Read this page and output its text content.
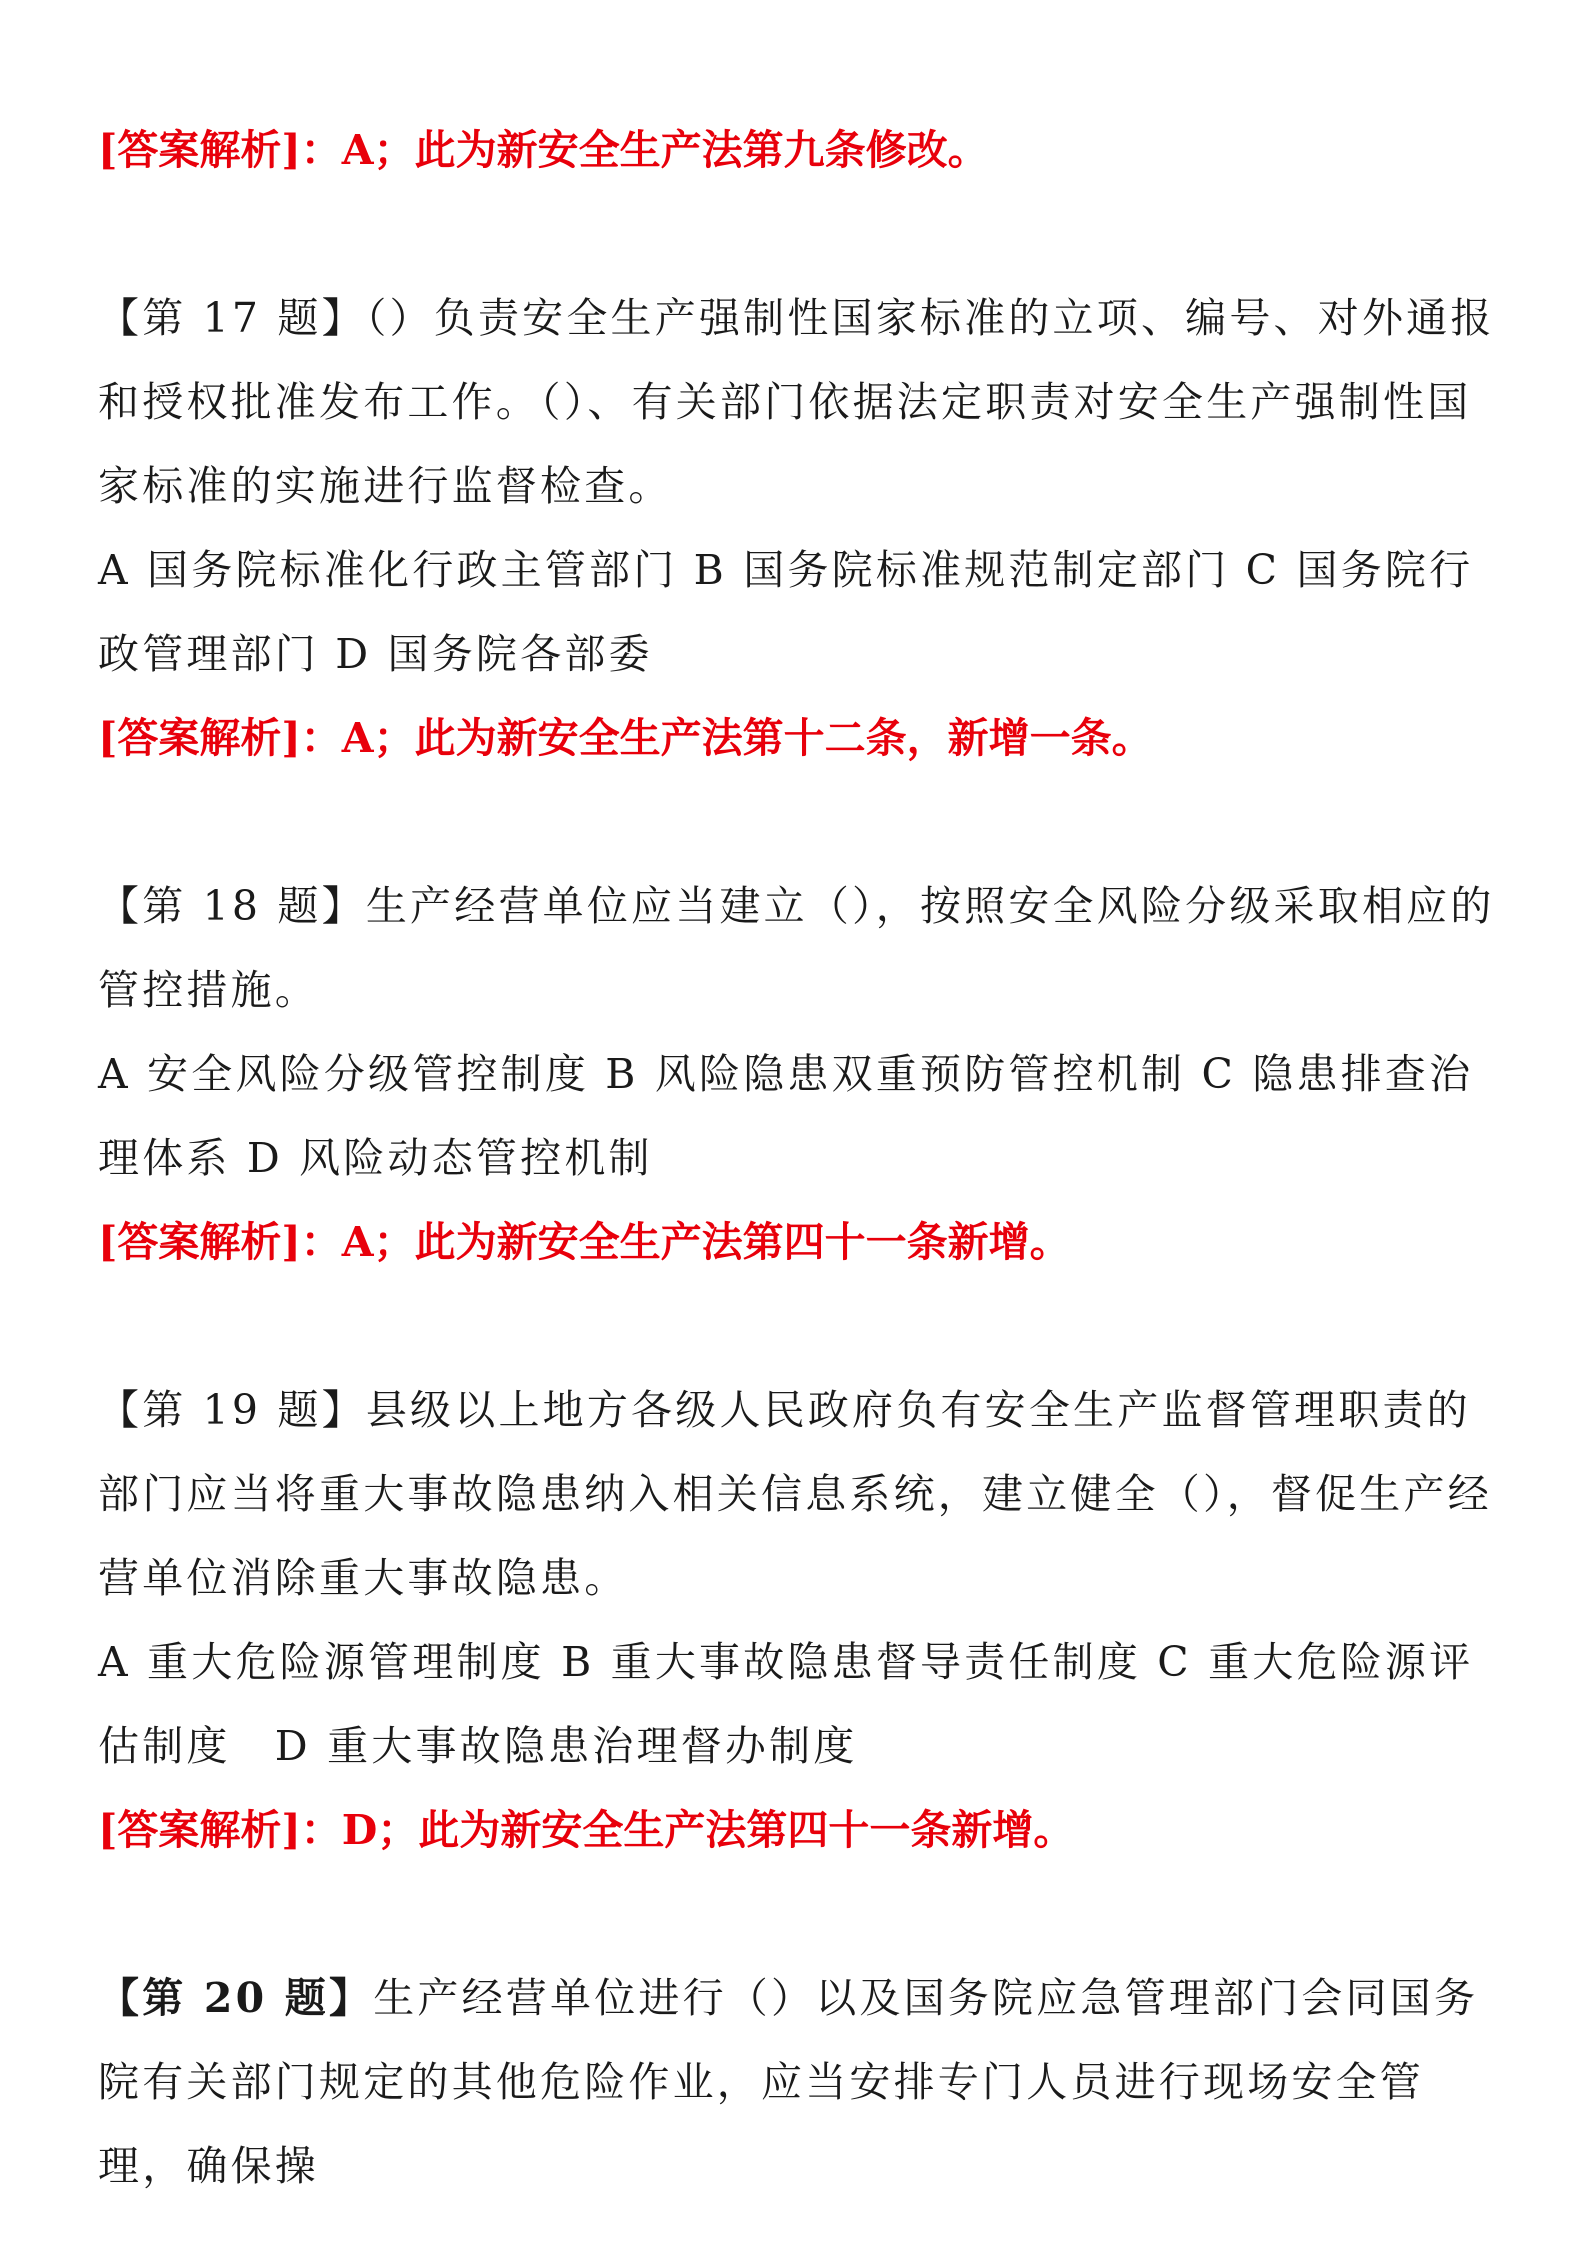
[答案解析]：A；此为新安全生产法第九条修改。

【第 17 题】（）负责安全生产强制性国家标准的立项、编号、对外通报和授权批准发布工作。（）、有关部门依据法定职责对安全生产强制性国家标准的实施进行监督检查。

A 国务院标准化行政主管部门 B 国务院标准规范制定部门 C 国务院行政管理部门 D 国务院各部委

[答案解析]：A；此为新安全生产法第十二条，新增一条。

【第 18 题】生产经营单位应当建立（），按照安全风险分级采取相应的管控措施。

A 安全风险分级管控制度 B 风险隐患双重预防管控机制 C 隐患排查治理体系 D 风险动态管控机制

[答案解析]：A；此为新安全生产法第四十一条新增。

【第 19 题】县级以上地方各级人民政府负有安全生产监督管理职责的部门应当将重大事故隐患纳入相关信息系统，建立健全（），督促生产经营单位消除重大事故隐患。

A 重大危险源管理制度 B 重大事故隐患督导责任制度 C 重大危险源评估制度　D 重大事故隐患治理督办制度

[答案解析]：D；此为新安全生产法第四十一条新增。

【第 20 题】生产经营单位进行（）以及国务院应急管理部门会同国务院有关部门规定的其他危险作业，应当安排专门人员进行现场安全管理，确保操
